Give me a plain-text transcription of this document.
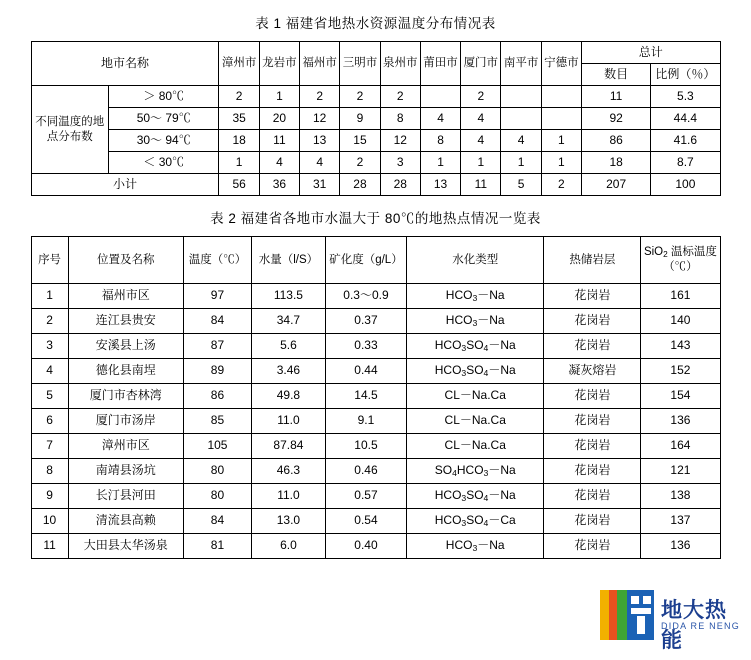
表 1 福建省地热水资源温度分布情况表
地市名称		漳州市	龙岩市	福州市	三明市	泉州市	莆田市	厦门市	南平市	宁德市	总计	
											数目	比例（％）
不同温度的地点分布数	＞ 80℃	2	1	2	2	2		2			11	5.3
	50～ 79℃	35	20	12	9	8	4	4			92	44.4
	30～ 94℃	18	11	13	15	12	8	4	4	1	86	41.6
	＜ 30℃	1	4	4	2	3	1	1	1	1	18	8.7
小计		56	36	31	28	28	13	11	5	2	207	100
表 2 福建省各地市水温大于 80℃的地热点情况一览表
序号	位置及名称	温度（℃）	水量（l/S）	矿化度（g/L）	水化类型	热储岩层	SiO$_2$ 温标温度（℃）
1	福州市区	97	113.5	0.3～0.9	$HCO_3-Na$	花岗岩	161
2	连江县贵安	84	34.7	0.37	$HCO_3-Na$	花岗岩	140
3	安溪县上汤	87	5.6	0.33	$HCO_3SO_4-Na$	花岗岩	143
4	德化县南埕	89	3.46	0.44	$HCO_3SO_4-Na$	凝灰熔岩	152
5	厦门市杏林湾	86	49.8	14.5	CL－Na.Ca	花岗岩	154
6	厦门市汤岸	85	11.0	9.1	CL－Na.Ca	花岗岩	136
7	漳州市区	105	87.84	10.5	CL－Na.Ca	花岗岩	164
8	南靖县汤坑	80	46.3	0.46	$SO_4HCO_3-Na$	花岗岩	121
9	长汀县河田	80	11.0	0.57	$HCO_3SO_4-Na$	花岗岩	138
10	清流县高赖	84	13.0	0.54	$HCO_3SO_4-Ca$	花岗岩	137
11	大田县太华汤泉	81	6.0	0.40	$HCO_3-Na$	花岗岩	136
地大热能
DIDA RE NENG
